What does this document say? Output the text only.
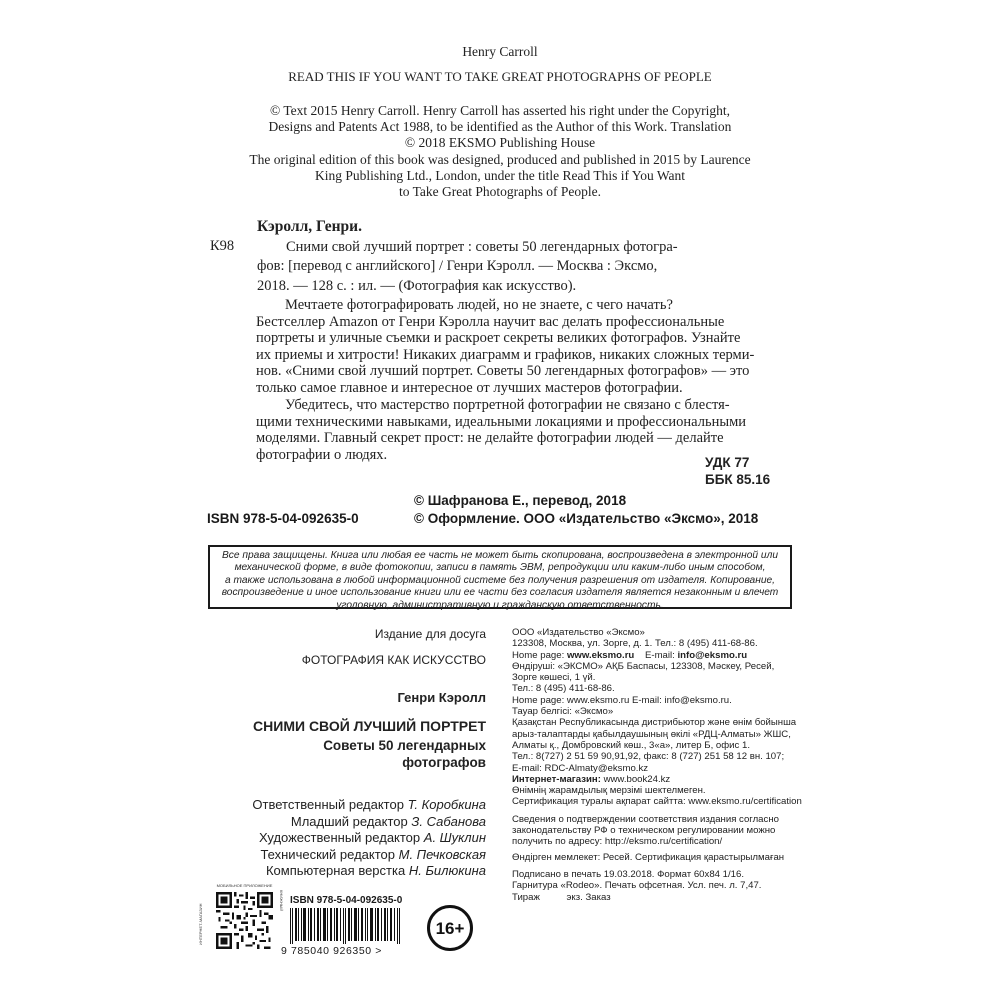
Henry Carroll
READ THIS IF YOU WANT TO TAKE GREAT PHOTOGRAPHS OF PEOPLE
© Text 2015 Henry Carroll. Henry Carroll has asserted his right under the Copyright,
Designs and Patents Act 1988, to be identified as the Author of this Work. Translation
© 2018 EKSMO Publishing House
The original edition of this book was designed, produced and published in 2015 by Laurence
King Publishing Ltd., London, under the title Read This if You Want
to Take Great Photographs of People.
Кэролл, Генри.
К98	Сними свой лучший портрет : советы 50 легендарных фотогра-
фов: [перевод с английского] / Генри Кэролл. — Москва : Эксмо,
2018. — 128 с. : ил. — (Фотография как искусство).
Мечтаете фотографировать людей, но не знаете, с чего начать?
Бестселлер Amazon от Генри Кэролла научит вас делать профессиональные
портреты и уличные съемки и раскроет секреты великих фотографов. Узнайте
их приемы и хитрости! Никаких диаграмм и графиков, никаких сложных терми-
нов. «Сними свой лучший портрет. Советы 50 легендарных фотографов» — это
только самое главное и интересное от лучших мастеров фотографии.
Убедитесь, что мастерство портретной фотографии не связано с блестя-
щими техническими навыками, идеальными локациями и профессиональными
моделями. Главный секрет прост: не делайте фотографии людей — делайте
фотографии о людях.	УДК 77
ББК 85.16
© Шафранова Е., перевод, 2018
ISBN 978-5-04-092635-0	© Оформление. ООО «Издательство «Эксмо», 2018
Все права защищены. Книга или любая ее часть не может быть скопирована, воспроизведена в электронной или
механической форме, в виде фотокопии, записи в память ЭВМ, репродукции или каким-либо иным способом,
а также использована в любой информационной системе без получения разрешения от издателя. Копирование,
воспроизведение и иное использование книги или ее части без согласия издателя является незаконным и влечет
уголовную, административную и гражданскую ответственность.
Издание для досуга
ФОТОГРАФИЯ КАК ИСКУССТВО
Генри Кэролл
СНИМИ СВОЙ ЛУЧШИЙ ПОРТРЕТ
Советы 50 легендарных
фотографов
Ответственный редактор Т. Коробкина
Младший редактор З. Сабанова
Художественный редактор А. Шуклин
Технический редактор М. Печковская
Компьютерная верстка Н. Билюкина
ООО «Издательство «Эксмо»
123308, Москва, ул. Зорге, д. 1. Тел.: 8 (495) 411-68-86.
Home page: www.eksmo.ru E-mail: info@eksmo.ru
Өндіруші: «ЭКСМО» АҚБ Баспасы, 123308, Мәскеу, Ресей,
Зорге көшесі, 1 үй.
Тел.: 8 (495) 411-68-86.
Home page: www.eksmo.ru E-mail: info@eksmo.ru.
Тауар белгісі: «Эксмо»
Қазақстан Республикасында дистрибьютор және өнім бойынша
арыз-талаптарды қабылдаушының өкілі «РДЦ-Алматы» ЖШС,
Алматы қ., Домбровский көш., 3«а», литер Б, офис 1.
Тел.: 8(727) 2 51 59 90,91,92, факс: 8 (727) 251 58 12 вн. 107;
E-mail: RDC-Almaty@eksmo.kz
Интернет-магазин: www.book24.kz
Өнімнің жарамдылық мерзімі шектелмеген.
Сертификация туралы ақпарат сайтта: www.eksmo.ru/certification
Сведения о подтверждении соответствия издания согласно
законодательству РФ о техническом регулировании можно
получить по адресу: http://eksmo.ru/certification/
Өндірген мемлекет: Ресей. Сертификация қарастырылмаған
Подписано в печать 19.03.2018. Формат 60x84 1/16.
Гарнитура «Rodeo». Печать офсетная. Усл. печ. л. 7,47.
Тираж          экз. Заказ
МОБИЛЬНОЕ ПРИЛОЖЕНИЕ
ИНТЕРНЕТ-МАГАЗИН
КНИЖНЫЙ ISBN 978-5-04-092635-0
9 785040 926350 >
16+
